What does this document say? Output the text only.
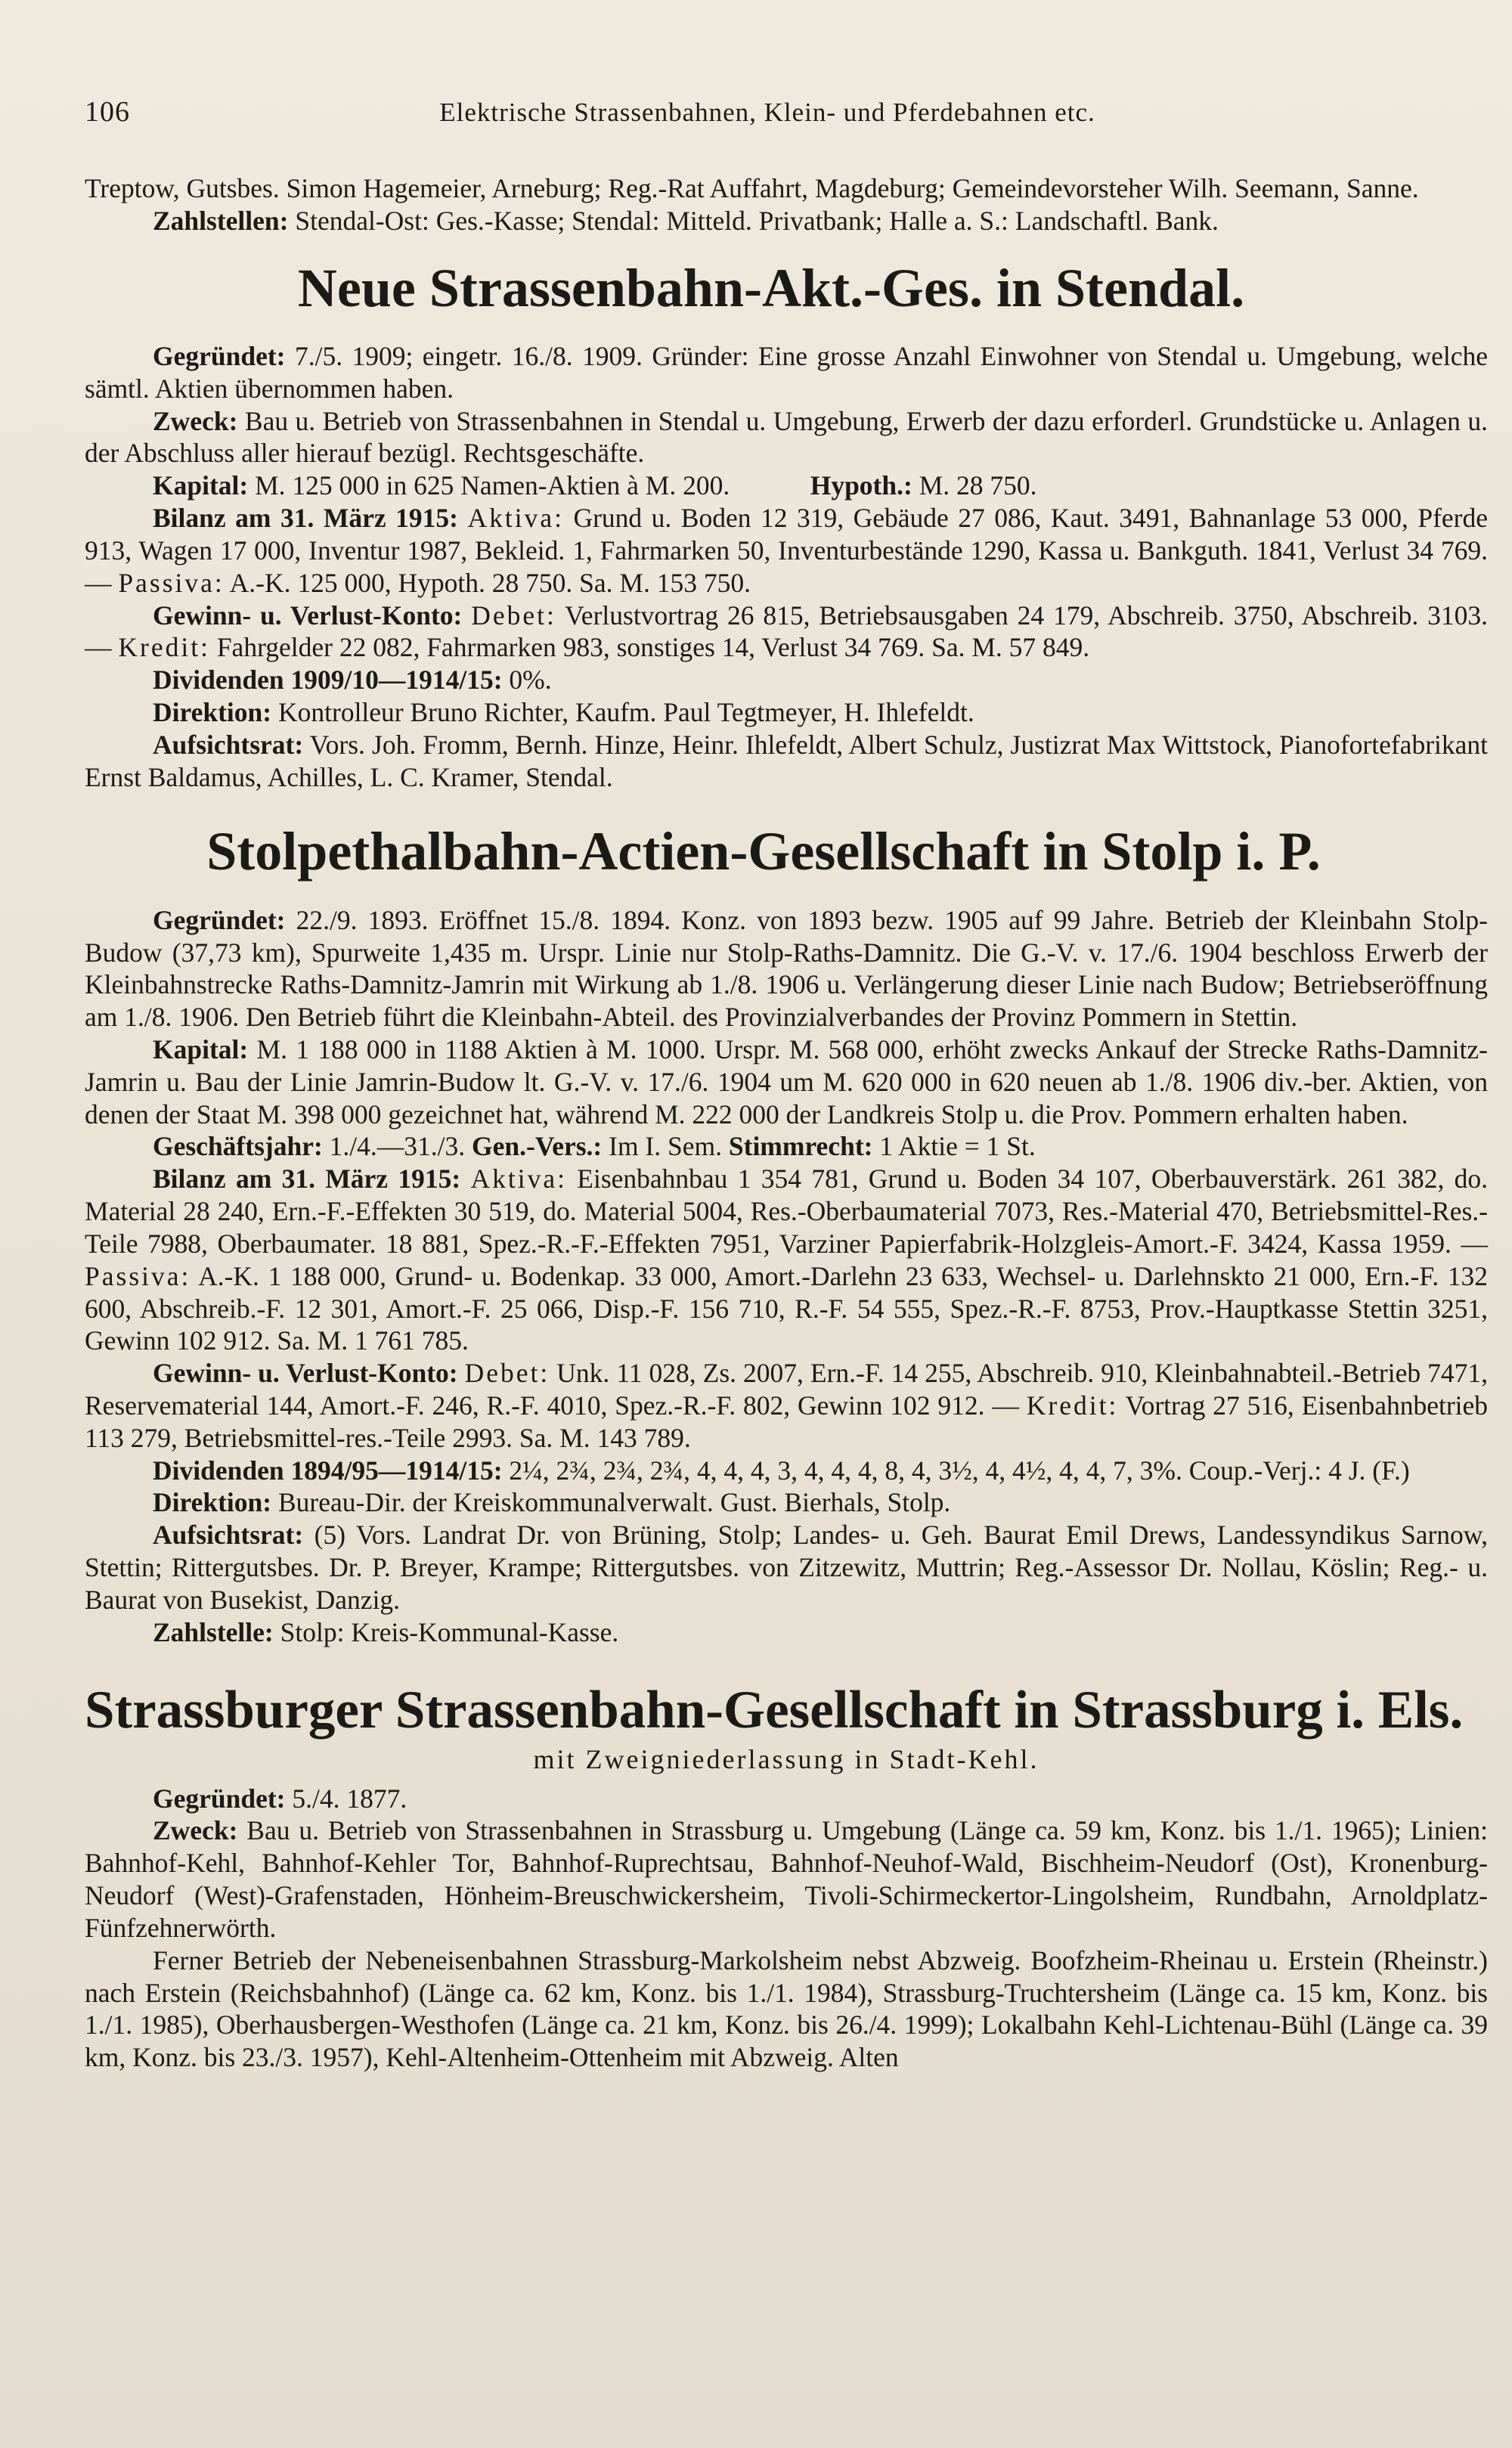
106	Elektrische Strassenbahnen, Klein- und Pferdebahnen etc.

Treptow, Gutsbes. Simon Hagemeier, Arneburg; Reg.-Rat Auffahrt, Magdeburg; Gemeindevorsteher Wilh. Seemann, Sanne.

Zahlstellen: Stendal-Ost: Ges.-Kasse; Stendal: Mitteld. Privatbank; Halle a. S.: Landschaftl. Bank.

Neue Strassenbahn-Akt.-Ges. in Stendal.

Gegründet: 7./5. 1909; eingetr. 16./8. 1909. Gründer: Eine grosse Anzahl Einwohner von Stendal u. Umgebung, welche sämtl. Aktien übernommen haben.

Zweck: Bau u. Betrieb von Strassenbahnen in Stendal u. Umgebung, Erwerb der dazu erforderl. Grundstücke u. Anlagen u. der Abschluss aller hierauf bezügl. Rechtsgeschäfte.

Kapital: M. 125 000 in 625 Namen-Aktien à M. 200.	Hypoth.: M. 28 750.

Bilanz am 31. März 1915: Aktiva: Grund u. Boden 12 319, Gebäude 27 086, Kaut. 3491, Bahnanlage 53 000, Pferde 913, Wagen 17 000, Inventur 1987, Bekleid. 1, Fahrmarken 50, Inventurbestände 1290, Kassa u. Bankguth. 1841, Verlust 34 769. — Passiva: A.-K. 125 000, Hypoth. 28 750. Sa. M. 153 750.

Gewinn- u. Verlust-Konto: Debet: Verlustvortrag 26 815, Betriebsausgaben 24 179, Abschreib. 3750, Abschreib. 3103. — Kredit: Fahrgelder 22 082, Fahrmarken 983, sonstiges 14, Verlust 34 769. Sa. M. 57 849.

Dividenden 1909/10—1914/15: 0%.

Direktion: Kontrolleur Bruno Richter, Kaufm. Paul Tegtmeyer, H. Ihlefeldt.

Aufsichtsrat: Vors. Joh. Fromm, Bernh. Hinze, Heinr. Ihlefeldt, Albert Schulz, Justizrat Max Wittstock, Pianofortefabrikant Ernst Baldamus, Achilles, L. C. Kramer, Stendal.

Stolpethalbahn-Actien-Gesellschaft in Stolp i. P.

Gegründet: 22./9. 1893. Eröffnet 15./8. 1894. Konz. von 1893 bezw. 1905 auf 99 Jahre. Betrieb der Kleinbahn Stolp-Budow (37,73 km), Spurweite 1,435 m. Urspr. Linie nur Stolp-Raths-Damnitz. Die G.-V. v. 17./6. 1904 beschloss Erwerb der Kleinbahnstrecke Raths-Damnitz-Jamrin mit Wirkung ab 1./8. 1906 u. Verlängerung dieser Linie nach Budow; Betriebseröffnung am 1./8. 1906. Den Betrieb führt die Kleinbahn-Abteil. des Provinzialverbandes der Provinz Pommern in Stettin.

Kapital: M. 1 188 000 in 1188 Aktien à M. 1000. Urspr. M. 568 000, erhöht zwecks Ankauf der Strecke Raths-Damnitz-Jamrin u. Bau der Linie Jamrin-Budow lt. G.-V. v. 17./6. 1904 um M. 620 000 in 620 neuen ab 1./8. 1906 div.-ber. Aktien, von denen der Staat M. 398 000 gezeichnet hat, während M. 222 000 der Landkreis Stolp u. die Prov. Pommern erhalten haben.

Geschäftsjahr: 1./4.—31./3. Gen.-Vers.: Im I. Sem. Stimmrecht: 1 Aktie = 1 St.

Bilanz am 31. März 1915: Aktiva: Eisenbahnbau 1 354 781, Grund u. Boden 34 107, Oberbauverstärk. 261 382, do. Material 28 240, Ern.-F.-Effekten 30 519, do. Material 5004, Res.-Oberbaumaterial 7073, Res.-Material 470, Betriebsmittel-Res.-Teile 7988, Oberbaumater. 18 881, Spez.-R.-F.-Effekten 7951, Varziner Papierfabrik-Holzgleis-Amort.-F. 3424, Kassa 1959. — Passiva: A.-K. 1 188 000, Grund- u. Bodenkap. 33 000, Amort.-Darlehn 23 633, Wechsel- u. Darlehnskto 21 000, Ern.-F. 132 600, Abschreib.-F. 12 301, Amort.-F. 25 066, Disp.-F. 156 710, R.-F. 54 555, Spez.-R.-F. 8753, Prov.-Hauptkasse Stettin 3251, Gewinn 102 912. Sa. M. 1 761 785.

Gewinn- u. Verlust-Konto: Debet: Unk. 11 028, Zs. 2007, Ern.-F. 14 255, Abschreib. 910, Kleinbahnabteil.-Betrieb 7471, Reservematerial 144, Amort.-F. 246, R.-F. 4010, Spez.-R.-F. 802, Gewinn 102 912. — Kredit: Vortrag 27 516, Eisenbahnbetrieb 113 279, Betriebsmittel-res.-Teile 2993. Sa. M. 143 789.

Dividenden 1894/95—1914/15: 2¼, 2¾, 2¾, 2¾, 4, 4, 4, 3, 4, 4, 4, 8, 4, 3½, 4, 4½, 4, 4, 7, 3%. Coup.-Verj.: 4 J. (F.)

Direktion: Bureau-Dir. der Kreiskommunalverwalt. Gust. Bierhals, Stolp.

Aufsichtsrat: (5) Vors. Landrat Dr. von Brüning, Stolp; Landes- u. Geh. Baurat Emil Drews, Landessyndikus Sarnow, Stettin; Rittergutsbes. Dr. P. Breyer, Krampe; Rittergutsbes. von Zitzewitz, Muttrin; Reg.-Assessor Dr. Nollau, Köslin; Reg.- u. Baurat von Busekist, Danzig.

Zahlstelle: Stolp: Kreis-Kommunal-Kasse.

Strassburger Strassenbahn-Gesellschaft in Strassburg i. Els.

mit Zweigniederlassung in Stadt-Kehl.

Gegründet: 5./4. 1877.

Zweck: Bau u. Betrieb von Strassenbahnen in Strassburg u. Umgebung (Länge ca. 59 km, Konz. bis 1./1. 1965); Linien: Bahnhof-Kehl, Bahnhof-Kehler Tor, Bahnhof-Ruprechtsau, Bahnhof-Neuhof-Wald, Bischheim-Neudorf (Ost), Kronenburg-Neudorf (West)-Grafenstaden, Hönheim-Breuschwickersheim, Tivoli-Schirmeckertor-Lingolsheim, Rundbahn, Arnoldplatz-Fünfzehnerwörth.

Ferner Betrieb der Nebeneisenbahnen Strassburg-Markolsheim nebst Abzweig. Boofzheim-Rheinau u. Erstein (Rheinstr.) nach Erstein (Reichsbahnhof) (Länge ca. 62 km, Konz. bis 1./1. 1984), Strassburg-Truchtersheim (Länge ca. 15 km, Konz. bis 1./1. 1985), Oberhausbergen-Westhofen (Länge ca. 21 km, Konz. bis 26./4. 1999); Lokalbahn Kehl-Lichtenau-Bühl (Länge ca. 39 km, Konz. bis 23./3. 1957), Kehl-Altenheim-Ottenheim mit Abzweig. Alten
